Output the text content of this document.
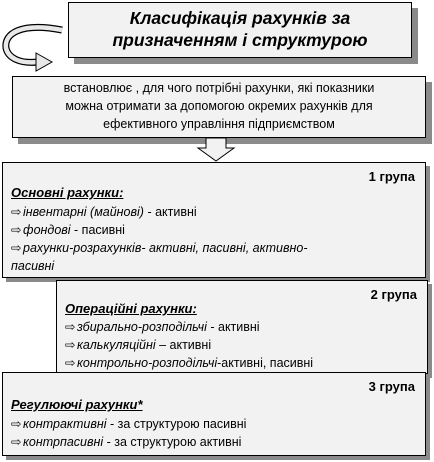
Класифікація рахунків за
призначенням і структурою
встановлює , для чого потрібні рахунки, які показники
можна отримати за допомогою окремих рахунків для
ефективного управління підприємством
1 група
Основні рахунки:
⇨ інвентарні (майнові) - активні
⇨ фондові - пасивні
⇨ рахунки-розрахунків- активні, пасивні, активно-
пасивні
2 група
Операційні рахунки:
⇨ збирально-розподільчі - активні
⇨ калькуляційні – активні
⇨ контрольно-розподільчі-активні, пасивні
3 група
Регулюючі рахунки*
⇨ контрактивні - за структурою пасивні
⇨ контрпасивні - за структурою активні
